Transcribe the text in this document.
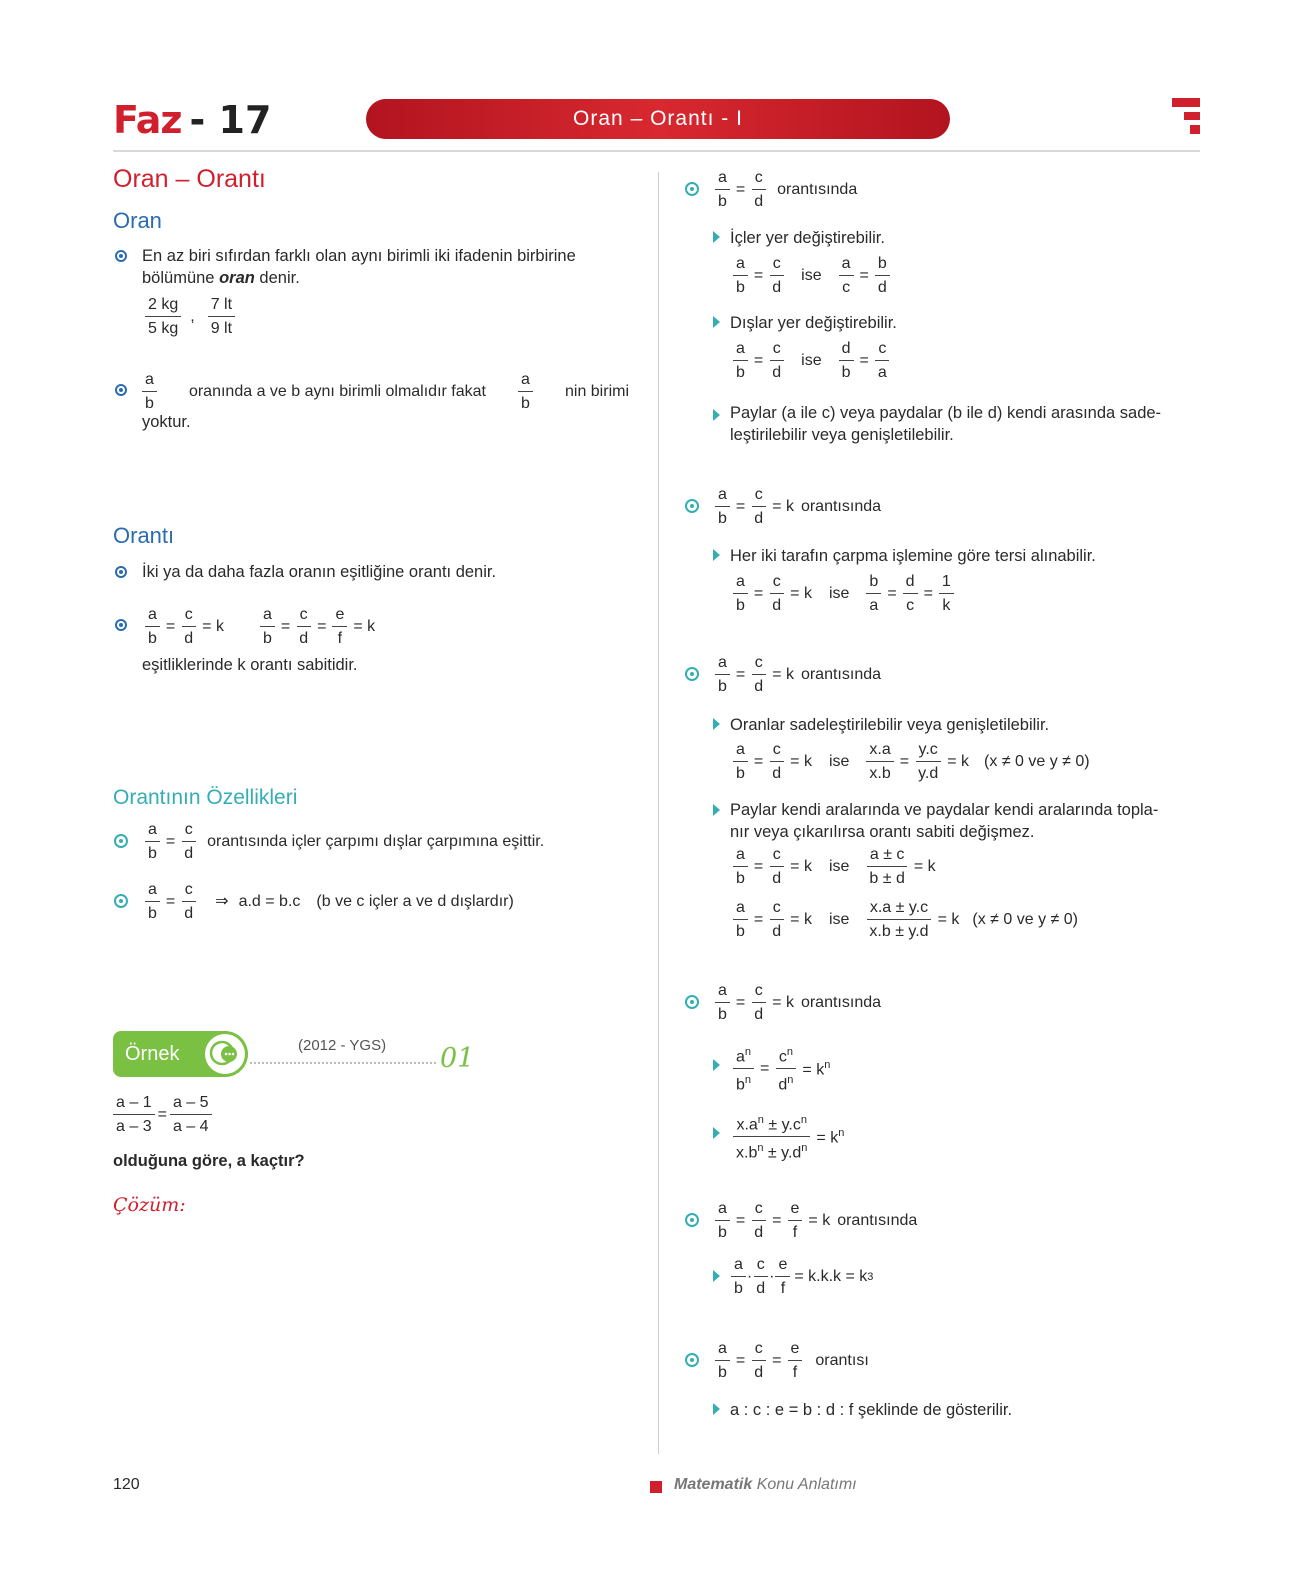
Faz - 17	Oran – Orantı - I
Oran – Orantı
Oran
En az biri sıfırdan farklı olan aynı birimli iki ifadenin birbirine
bölümüne oran denir.
$\frac{2 kg}{5 kg}$ , $\frac{7 lt}{9 lt}$
$\frac{a}{b}$ oranında a ve b aynı birimli olmalıdır fakat $\frac{a}{b}$ nin birimi
yoktur.
Orantı
İki ya da daha fazla oranın eşitliğine orantı denir.
$\frac{a}{b} = \frac{c}{d} = k \frac{a}{b} = \frac{c}{d} = \frac{e}{f} = k$
eşitliklerinde k orantı sabitidir.
Orantının Özellikleri
$\frac{a}{b} = \frac{c}{d}$ orantısında içler çarpımı dışlar çarpımına eşittir.
$\frac{a}{b} = \frac{c}{d}$ ⇒ a.d = b.c (b ve c içler a ve d dışlardır)
Örnek	(2012 - YGS) 01
$\frac{a - 1}{a - 3} = \frac{a - 5}{a - 4}$
olduğuna göre, a kaçtır?
Çözüm:
$\frac{a}{b} = \frac{c}{d}$ orantısında
İçler yer değiştirebilir.
$\frac{a}{b} = \frac{c}{d}$ ise $\frac{a}{c} = \frac{b}{d}$
Dışlar yer değiştirebilir.
$\frac{a}{b} = \frac{c}{d}$ ise $\frac{d}{b} = \frac{c}{a}$
Paylar (a ile c) veya paydalar (b ile d) kendi arasında sade-
leştirilebilir veya genişletilebilir.
$\frac{a}{b} = \frac{c}{d} = k$ orantısında
Her iki tarafın çarpma işlemine göre tersi alınabilir.
$\frac{a}{b} = \frac{c}{d} = k$ ise $\frac{b}{a} = \frac{d}{c} = \frac{1}{k}$
$\frac{a}{b} = \frac{c}{d} = k$ orantısında
Oranlar sadeleştirilebilir veya genişletilebilir.
$\frac{a}{b} = \frac{c}{d} = k$ ise $\frac{x.a}{x.b} = \frac{y.c}{y.d} = k$ (x ≠ 0 ve y ≠ 0)
Paylar kendi aralarında ve paydalar kendi aralarında topla-
nır veya çıkarılırsa orantı sabiti değişmez.
$\frac{a}{b} = \frac{c}{d} = k$ ise $\frac{a \pm c}{b \pm d} = k$
$\frac{a}{b} = \frac{c}{d} = k$ ise $\frac{x.a \pm y.c}{x.b \pm y.d} = k$ (x ≠ 0 ve y ≠ 0)
$\frac{a}{b} = \frac{c}{d} = k$ orantısında
$\frac{a^n}{b^n} = \frac{c^n}{d^n} = k^n$
$\frac{x.a^n \pm y.c^n}{x.b^n \pm y.d^n} = k^n$
$\frac{a}{b} = \frac{c}{d} = \frac{e}{f} = k$ orantısında
$\frac{a}{b} \cdot \frac{c}{d} \cdot \frac{e}{f} = k.k.k = k$ 3
$\frac{a}{b} = \frac{c}{d} = \frac{e}{f}$ orantısı
a : c : e = b : d : f şeklinde de gösterilir.
120	Matematik Konu Anlatımı
